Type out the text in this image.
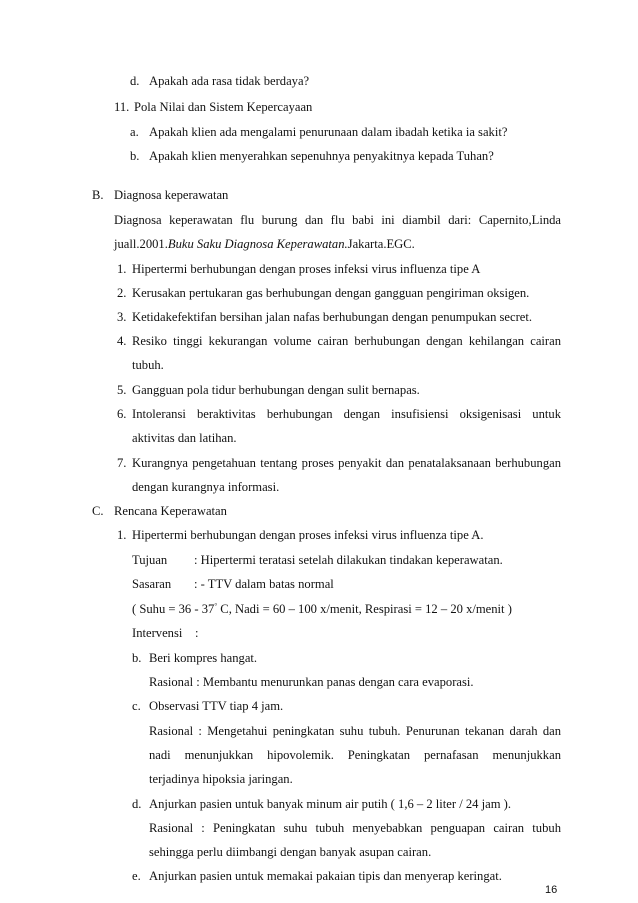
d. Apakah ada rasa tidak berdaya?
11. Pola Nilai dan Sistem Kepercayaan
a. Apakah klien ada mengalami penurunaan dalam ibadah ketika ia sakit?
b. Apakah klien menyerahkan sepenuhnya penyakitnya kepada Tuhan?
B. Diagnosa keperawatan
Diagnosa keperawatan flu burung dan flu babi ini diambil dari: Capernito,Linda
juall.2001.Buku Saku Diagnosa Keperawatan.Jakarta.EGC.
1. Hipertermi berhubungan dengan proses infeksi virus influenza tipe A
2. Kerusakan pertukaran gas berhubungan dengan gangguan pengiriman oksigen.
3. Ketidakefektifan bersihan jalan nafas berhubungan dengan penumpukan secret.
4. Resiko tinggi kekurangan volume cairan berhubungan dengan kehilangan cairan
tubuh.
5. Gangguan pola tidur berhubungan dengan sulit bernapas.
6. Intoleransi beraktivitas berhubungan dengan insufisiensi oksigenisasi untuk
aktivitas dan latihan.
7. Kurangnya pengetahuan tentang proses penyakit dan penatalaksanaan berhubungan
dengan kurangnya informasi.
C. Rencana Keperawatan
1. Hipertermi berhubungan dengan proses infeksi virus influenza tipe A.
Tujuan : Hipertermi teratasi setelah dilakukan tindakan keperawatan.
Sasaran : - TTV dalam batas normal
( Suhu = 36 - 37° C, Nadi = 60 – 100 x/menit, Respirasi = 12 – 20 x/menit )
Intervensi    :
b. Beri kompres hangat.
Rasional : Membantu menurunkan panas dengan cara evaporasi.
c. Observasi TTV tiap 4 jam.
Rasional : Mengetahui peningkatan suhu tubuh. Penurunan tekanan darah dan
nadi menunjukkan hipovolemik. Peningkatan pernafasan menunjukkan
terjadinya hipoksia jaringan.
d. Anjurkan pasien untuk banyak minum air putih ( 1,6 – 2 liter / 24 jam ).
Rasional : Peningkatan suhu tubuh menyebabkan penguapan cairan tubuh
sehingga perlu diimbangi dengan banyak asupan cairan.
e. Anjurkan pasien untuk memakai pakaian tipis dan menyerap keringat.
16
